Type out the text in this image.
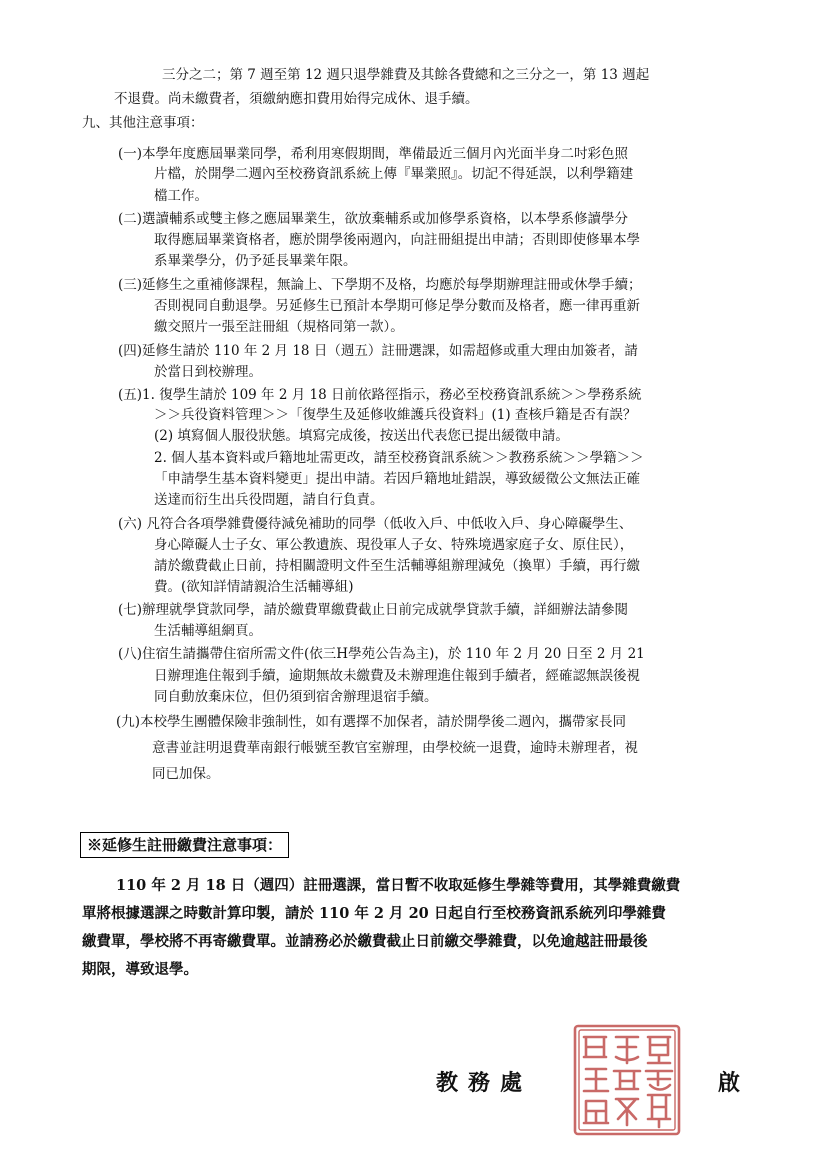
三分之二；第 7 週至第 12 週只退學雜費及其餘各費總和之三分之一，第 13 週起
不退費。尚未繳費者，須繳納應扣費用始得完成休、退手續。
九、其他注意事項：
(一)本學年度應屆畢業同學，希利用寒假期間，準備最近三個月內光面半身二吋彩色照
片檔，於開學二週內至校務資訊系統上傳『畢業照』。切記不得延誤，以利學籍建
檔工作。
(二)選讀輔系或雙主修之應屆畢業生，欲放棄輔系或加修學系資格，以本學系修讀學分
取得應屆畢業資格者，應於開學後兩週內，向註冊組提出申請；否則即使修畢本學
系畢業學分，仍予延長畢業年限。
(三)延修生之重補修課程，無論上、下學期不及格，均應於每學期辦理註冊或休學手續；
否則視同自動退學。另延修生已預計本學期可修足學分數而及格者，應一律再重新
繳交照片一張至註冊組（規格同第一款）。
(四)延修生請於 110 年 2 月 18 日（週五）註冊選課，如需超修或重大理由加簽者，請
於當日到校辦理。
(五)1. 復學生請於 109 年 2 月 18 日前依路徑指示，務必至校務資訊系統＞＞學務系統
＞＞兵役資料管理＞＞「復學生及延修收維護兵役資料」(1) 查核戶籍是否有誤？
(2) 填寫個人服役狀態。填寫完成後，按送出代表您已提出緩徵申請。
2. 個人基本資料或戶籍地址需更改，請至校務資訊系統＞＞教務系統＞＞學籍＞＞
「申請學生基本資料變更」提出申請。若因戶籍地址錯誤，導致緩徵公文無法正確
送達而衍生出兵役問題，請自行負責。
(六) 凡符合各項學雜費優待減免補助的同學（低收入戶、中低收入戶、身心障礙學生、
身心障礙人士子女、軍公教遺族、現役軍人子女、特殊境遇家庭子女、原住民），
請於繳費截止日前，持相關證明文件至生活輔導組辦理減免（換單）手續，再行繳
費。(欲知詳情請親洽生活輔導組)
(七)辦理就學貸款同學，請於繳費單繳費截止日前完成就學貸款手續，詳細辦法請參閱
生活輔導組網頁。
(八)住宿生請攜帶住宿所需文件(依三H學苑公告為主)，於 110 年 2 月 20 日至 2 月 21
日辦理進住報到手續，逾期無故未繳費及未辦理進住報到手續者，經確認無誤後視
同自動放棄床位，但仍須到宿舍辦理退宿手續。
(九)本校學生團體保險非強制性，如有選擇不加保者，請於開學後二週內，攜帶家長同
意書並註明退費華南銀行帳號至教官室辦理，由學校統一退費，逾時未辦理者，視
同已加保。
※延修生註冊繳費注意事項：
110 年 2 月 18 日（週四）註冊選課，當日暫不收取延修生學雜等費用，其學雜費繳費
單將根據選課之時數計算印製，請於 110 年 2 月 20 日起自行至校務資訊系統列印學雜費
繳費單，學校將不再寄繳費單。並請務必於繳費截止日前繳交學雜費，以免逾越註冊最後
期限，導致退學。
教務處	啟
